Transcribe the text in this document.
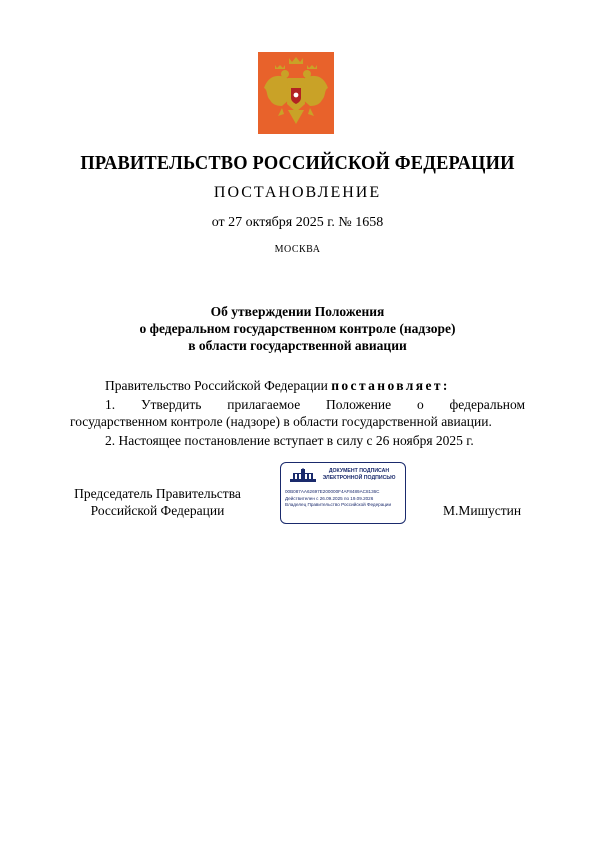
ПРАВИТЕЛЬСТВО РОССИЙСКОЙ ФЕДЕРАЦИИ
ПОСТАНОВЛЕНИЕ
от 27 октября 2025 г. № 1658
МОСКВА
Об утверждении Положения
о федеральном государственном контроле (надзоре)
в области государственной авиации
Правительство Российской Федерации постановляет:
1. Утвердить прилагаемое Положение о федеральном
государственном контроле (надзоре) в области государственной авиации.
2. Настоящее постановление вступает в силу с 26 ноября 2025 г.
Председатель Правительства
Российской Федерации
ДОКУМЕНТ ПОДПИСАН
ЭЛЕКТРОННОЙ ПОДПИСЬЮ
00B087AA62697E200000F4AF8489AC8136C
Действителен с 26.09.2025 по 19.09.2026
Владелец Правительство Российской Федерации	М.Мишустин
